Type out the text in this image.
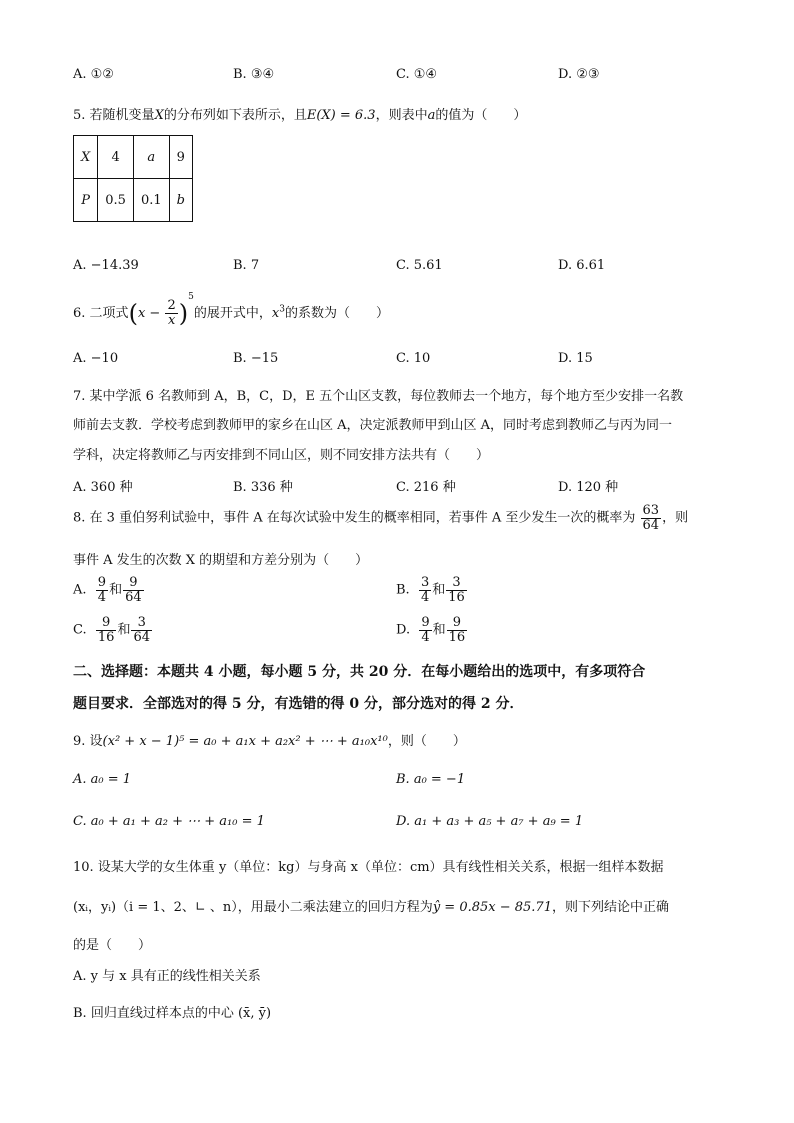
A. ①②	B. ③④	C. ①④	D. ②③
5. 若随机变量X的分布列如下表所示，且E(X) = 6.3，则表中a的值为（　　）
X	4	a	9
P	0.5	0.1	b
A. −14.39	B. 7	C. 5.61	D. 6.61
6. 二项式$(x - \frac{2}{x} )^5$的展开式中，$x^3$的系数为（　　）
A. −10	B. −15	C. 10	D. 15
7. 某中学派 6 名教师到 A，B，C，D，E 五个山区支教，每位教师去一个地方，每个地方至少安排一名教
师前去支教．学校考虑到教师甲的家乡在山区 A，决定派教师甲到山区 A，同时考虑到教师乙与丙为同一
学科，决定将教师乙与丙安排到不同山区，则不同安排方法共有（　　）
A. 360 种	B. 336 种	C. 216 种	D. 120 种
8. 在 3 重伯努利试验中，事件 A 在每次试验中发生的概率相同，若事件 A 至少发生一次的概率为 $\frac{63}{64}$ ，则
事件 A 发生的次数 X 的期望和方差分别为（　　）
A. $\frac{9}{4}$ 和 $\frac{9}{64}$	B. $\frac{3}{4}$ 和 $\frac{3}{16}$
C. $\frac{9}{16}$ 和 $\frac{3}{64}$	D. $\frac{9}{4}$ 和 $\frac{9}{16}$
二、选择题：本题共 4 小题，每小题 5 分，共 20 分．在每小题给出的选项中，有多项符合
题目要求．全部选对的得 5 分，有选错的得 0 分，部分选对的得 2 分．
9. 设(x² + x − 1)⁵ = a₀ + a₁x + a₂x² + ⋯ + a₁₀x¹⁰，则（　　）
A. a₀ = 1	B. a₀ = −1
C. a₀ + a₁ + a₂ + ⋯ + a₁₀ = 1	D. a₁ + a₃ + a₅ + a₇ + a₉ = 1
10. 设某大学的女生体重 y（单位：kg）与身高 x（单位：cm）具有线性相关关系，根据一组样本数据
(xᵢ，yᵢ)（i = 1、2、∟ 、n），用最小二乘法建立的回归方程为ŷ = 0.85x − 85.71，则下列结论中正确
的是（　　）
A. y 与 x 具有正的线性相关关系
B. 回归直线过样本点的中心 (x̄, ȳ)
